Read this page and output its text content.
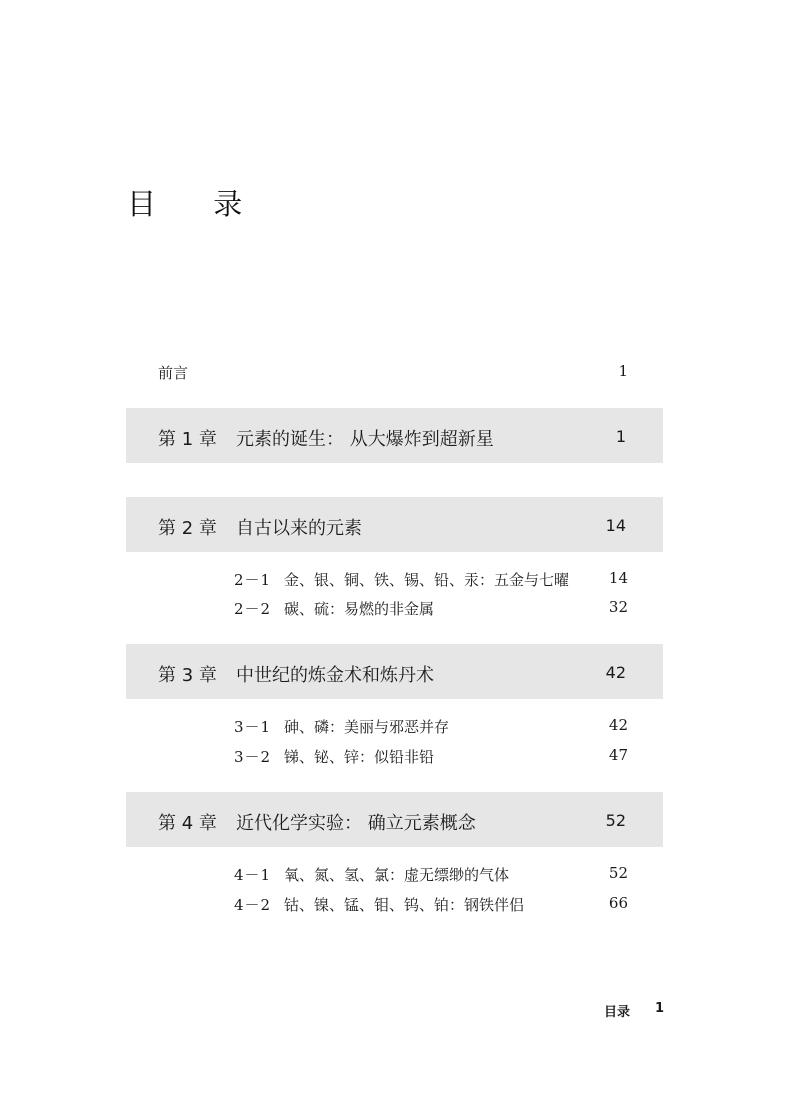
目 录
前言	1
第 1 章 元素的诞生： 从大爆炸到超新星	1
第 2 章 自古以来的元素	14
2－1 金、银、铜、铁、锡、铅、汞：五金与七曜	14
2－2 碳、硫：易燃的非金属	32
第 3 章 中世纪的炼金术和炼丹术	42
3－1 砷、磷：美丽与邪恶并存	42
3－2 锑、铋、锌：似铅非铅	47
第 4 章 近代化学实验： 确立元素概念	52
4－1 氧、氮、氢、氯：虚无缥缈的气体	52
4－2 钴、镍、锰、钼、钨、铂：钢铁伴侣	66
目录 1
